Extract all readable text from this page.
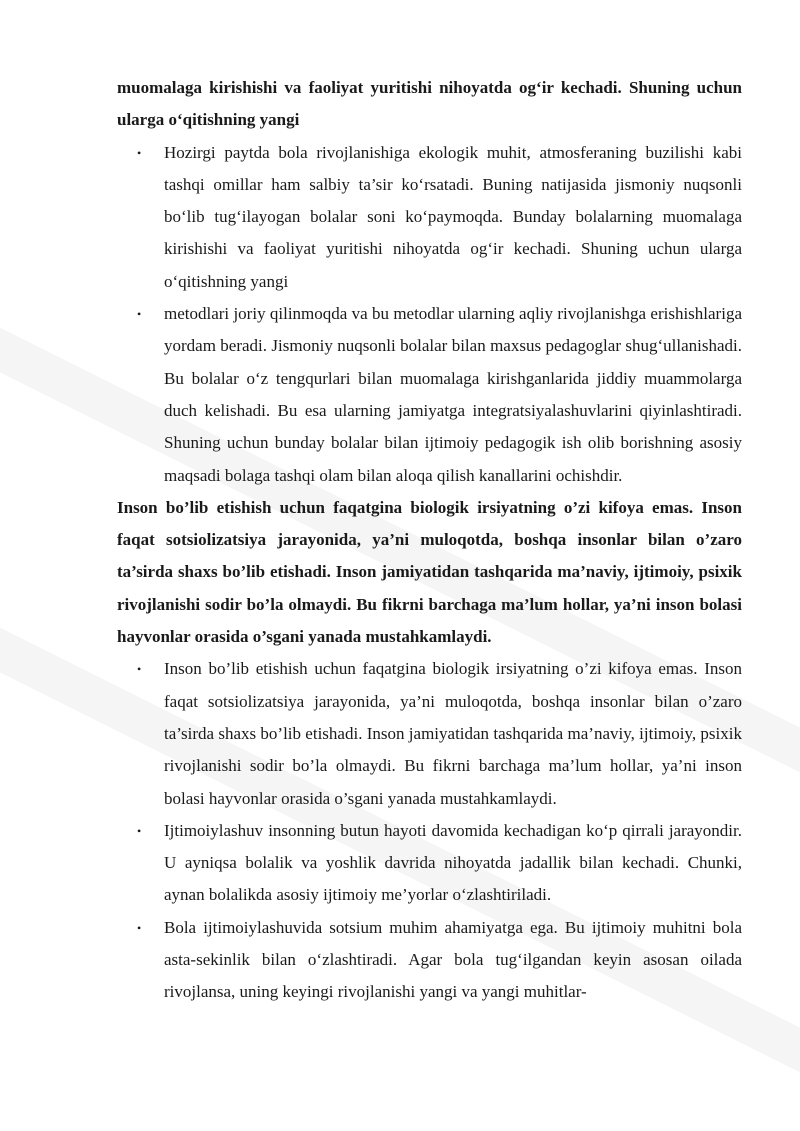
muomalaga kirishishi va faoliyat yuritishi nihoyatda og‘ir kechadi. Shuning uchun ularga o‘qitishning yangi

• Hozirgi paytda bola rivojlanishiga ekologik muhit, atmosferaning buzilishi kabi tashqi omillar ham salbiy ta’sir ko‘rsatadi. Buning natijasida jismoniy nuqsonli bo‘lib tug‘ilayogan bolalar soni ko‘paymoqda. Bunday bolalarning muomalaga kirishishi va faoliyat yuritishi nihoyatda og‘ir kechadi. Shuning uchun ularga o‘qitishning yangi
• metodlari joriy qilinmoqda va bu metodlar ularning aqliy rivojlanishga erishishlariga yordam beradi. Jismoniy nuqsonli bolalar bilan maxsus pedagoglar shug‘ullanishadi. Bu bolalar o‘z tengqurlari bilan muomalaga kirishganlarida jiddiy muammolarga duch kelishadi. Bu esa ularning jamiyatga integratsiyalashuvlarini qiyinlashtiradi. Shuning uchun bunday bolalar bilan ijtimoiy pedagogik ish olib borishning asosiy maqsadi bolaga tashqi olam bilan aloqa qilish kanallarini ochishdir.

Inson bo’lib etishish uchun faqatgina biologik irsiyatning o’zi kifoya emas. Inson faqat sotsiolizatsiya jarayonida, ya’ni muloqotda, boshqa insonlar bilan o’zaro ta’sirda shaxs bo’lib etishadi. Inson jamiyatidan tashqarida ma’naviy, ijtimoiy, psixik rivojlanishi sodir bo’la olmaydi. Bu fikrni barchaga ma’lum hollar, ya’ni inson bolasi hayvonlar orasida o’sgani yanada mustahkamlaydi.

• Inson bo’lib etishish uchun faqatgina biologik irsiyatning o’zi kifoya emas. Inson faqat sotsiolizatsiya jarayonida, ya’ni muloqotda, boshqa insonlar bilan o’zaro ta’sirda shaxs bo’lib etishadi. Inson jamiyatidan tashqarida ma’naviy, ijtimoiy, psixik rivojlanishi sodir bo’la olmaydi. Bu fikrni barchaga ma’lum hollar, ya’ni inson bolasi hayvonlar orasida o’sgani yanada mustahkamlaydi.
• Ijtimoiylashuv insonning butun hayoti davomida kechadigan ko‘p qirrali jarayondir. U ayniqsa bolalik va yoshlik davrida nihoyatda jadallik bilan kechadi. Chunki, aynan bolalikda asosiy ijtimoiy me’yorlar o‘zlashtiriladi.
• Bola ijtimoiylashuvida sotsium muhim ahamiyatga ega. Bu ijtimoiy muhitni bola asta-sekinlik bilan o‘zlashtiradi. Agar bola tug‘ilgandan keyin asosan oilada rivojlansa, uning keyingi rivojlanishi yangi va yangi muhitlar-
